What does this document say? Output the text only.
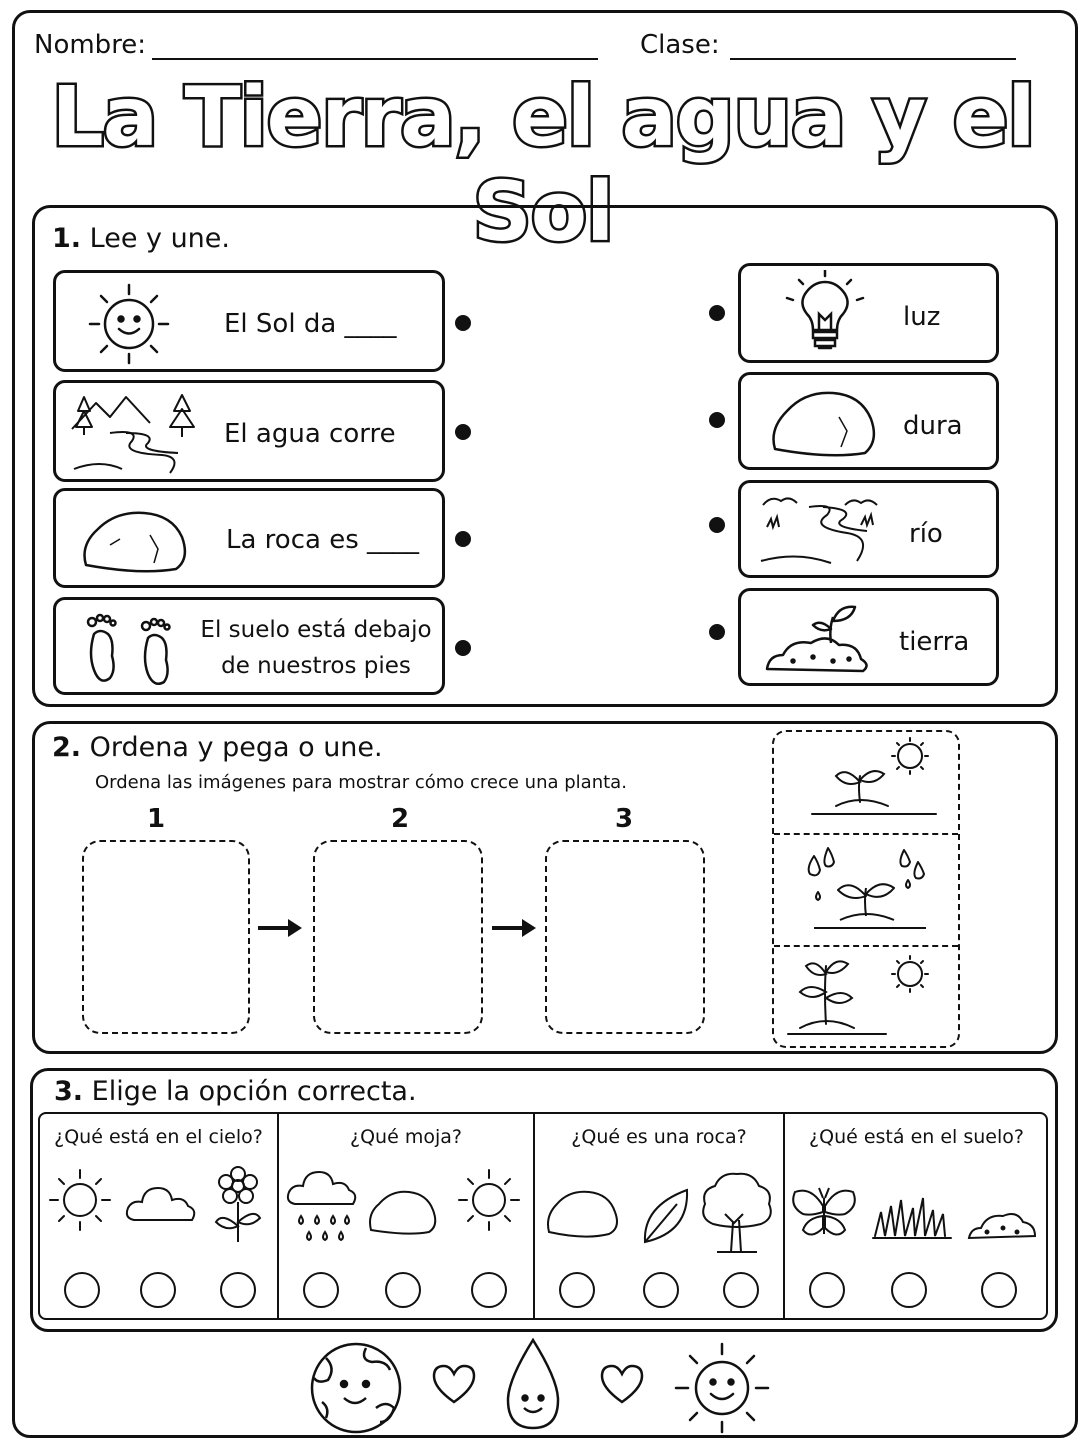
Nombre:	Clase:
La Tierra, el agua y el Sol
1. Lee y une.
El Sol da ____
El agua corre
La roca es ____
El suelo está debajo
de nuestros pies
luz
dura
río
tierra
2. Ordena y pega o une.
Ordena las imágenes para mostrar cómo crece una planta.
1	2	3
3. Elige la opción correcta.
¿Qué está en el cielo?	¿Qué moja?	¿Qué es una roca?	¿Qué está en el suelo?
